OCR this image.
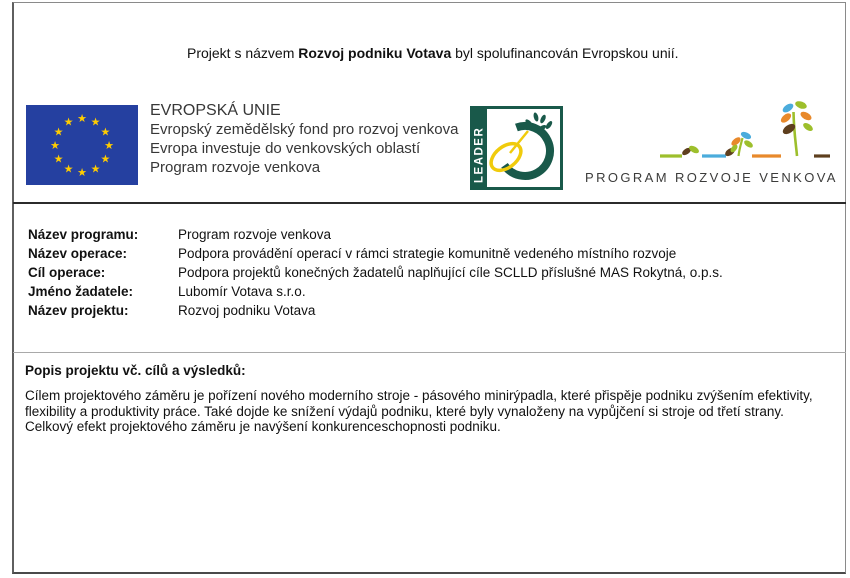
Projekt s názvem Rozvoj podniku Votava byl spolufinancován Evropskou unií.
★ ★
★
★
★
★
★
★
★
★
★
★
EVROPSKÁ UNIE
Evropský zemědělský fond pro rozvoj venkova
Evropa investuje do venkovských oblastí
Program rozvoje venkova	LEADER	PROGRAM ROZVOJE VENKOVA
Název programu:	Program rozvoje venkova
Název operace:	Podpora provádění operací v rámci strategie komunitně vedeného místního rozvoje
Cíl operace:	Podpora projektů konečných žadatelů naplňující cíle SCLLD příslušné MAS Rokytná, o.p.s.
Jméno žadatele:	Lubomír Votava s.r.o.
Název projektu:	Rozvoj podniku Votava
Popis projektu vč. cílů a výsledků:
Cílem projektového záměru je pořízení nového moderního stroje - pásového minirýpadla, které přispěje podniku zvýšením efektivity, flexibility a produktivity práce. Také dojde ke snížení výdajů podniku, které byly vynaloženy na vypůjčení si stroje od třetí strany. Celkový efekt projektového záměru je navýšení konkurenceschopnosti podniku.
